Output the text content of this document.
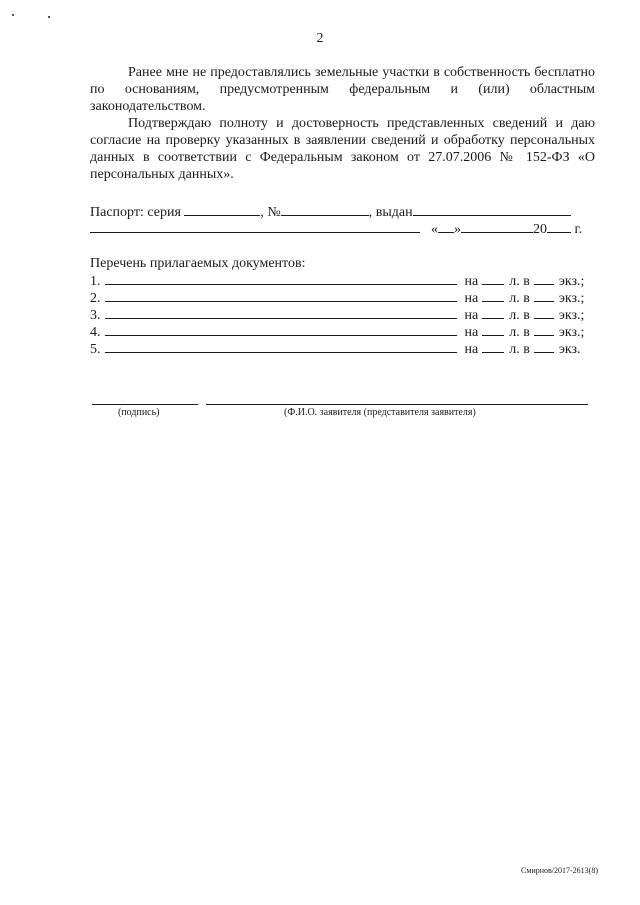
2
Ранее мне не предоставлялись земельные участки в собственность бесплатно по основаниям, предусмотренным федеральным и (или) областным законодательством.
Подтверждаю полноту и достоверность представленных сведений и даю согласие на проверку указанных в заявлении сведений и обработку персональных данных в соответствии с Федеральным законом от 27.07.2006 № 152-ФЗ «О персональных данных».
Паспорт: серия	, №	, выдан
« »	20 г.
Перечень прилагаемых документов:
1.	на л. в экз.;
2.	на л. в экз.;
3.	на л. в экз.;
4.	на л. в экз.;
5.	на л. в экз.
(подпись)	(Ф.И.О. заявителя (представителя заявителя)
Смирнов/2017-2613(8)
